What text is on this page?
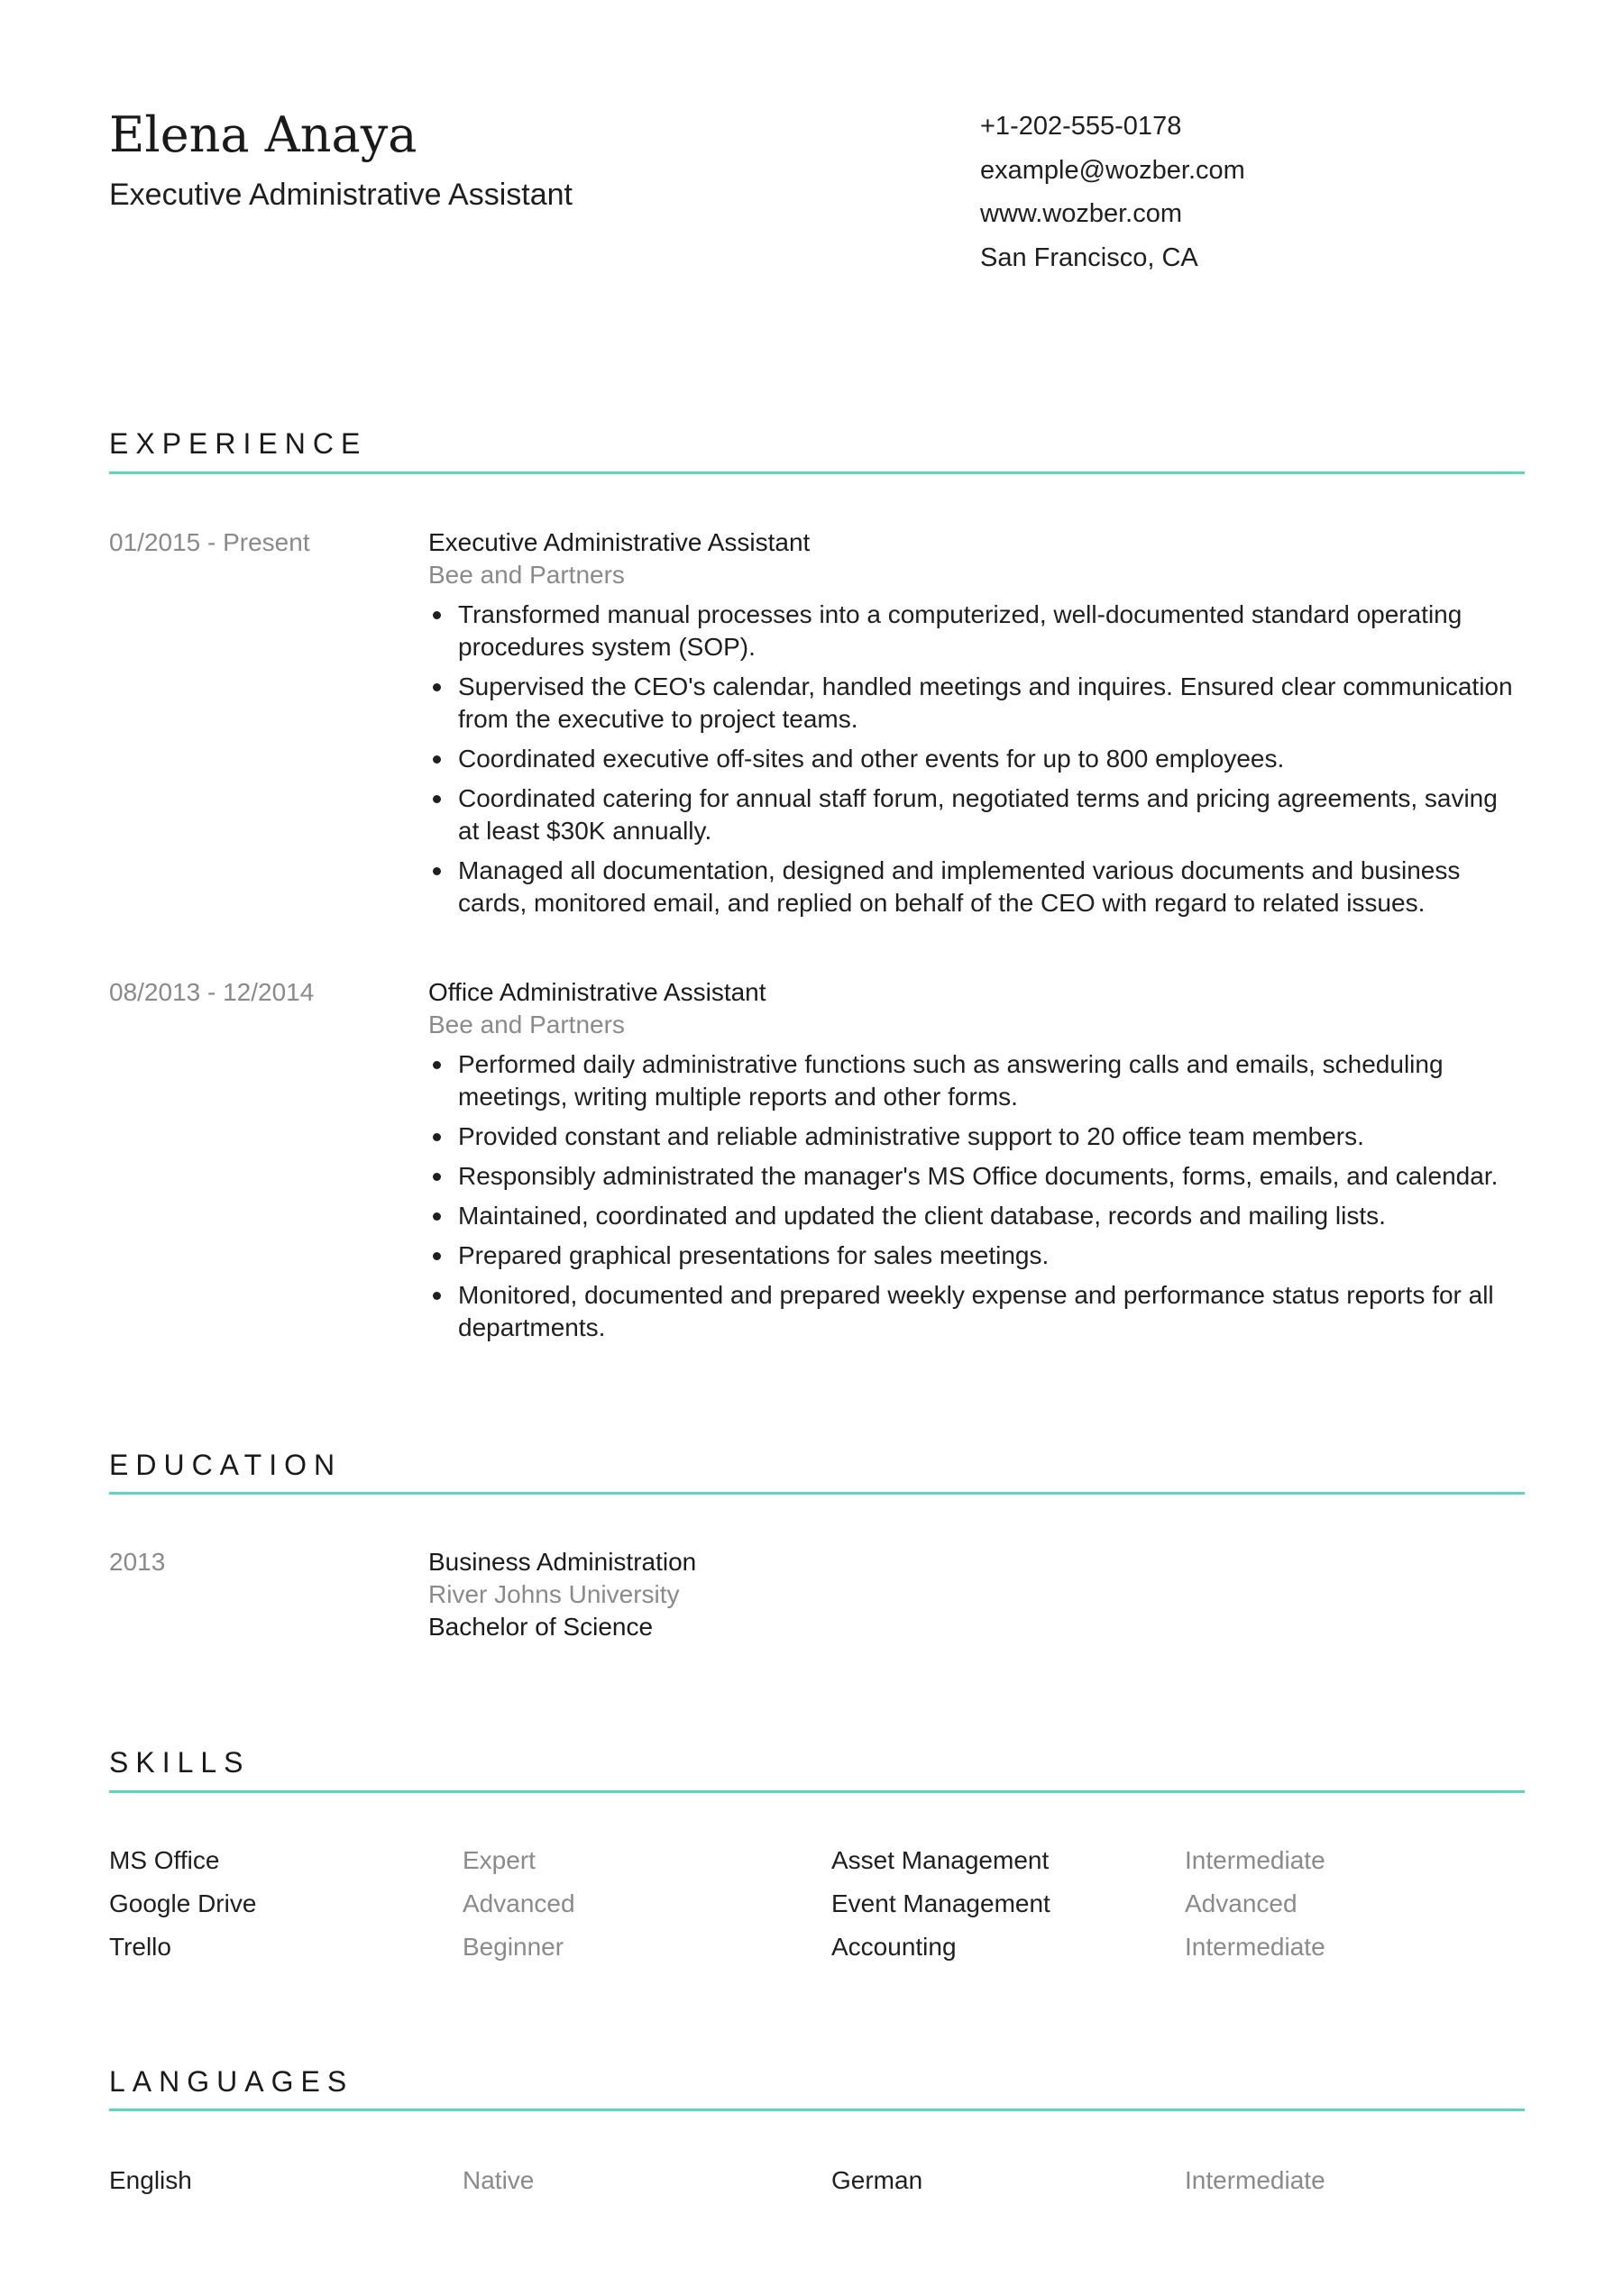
Elena Anaya
Executive Administrative Assistant
+1-202-555-0178
example@wozber.com
www.wozber.com
San Francisco, CA
EXPERIENCE
01/2015 - Present	Executive Administrative Assistant
Bee and Partners
Transformed manual processes into a computerized, well-documented standard operating procedures system (SOP).
Supervised the CEO's calendar, handled meetings and inquires. Ensured clear communication from the executive to project teams.
Coordinated executive off-sites and other events for up to 800 employees.
Coordinated catering for annual staff forum, negotiated terms and pricing agreements, saving at least $30K annually.
Managed all documentation, designed and implemented various documents and business cards, monitored email, and replied on behalf of the CEO with regard to related issues.
08/2013 - 12/2014	Office Administrative Assistant
Bee and Partners
Performed daily administrative functions such as answering calls and emails, scheduling meetings, writing multiple reports and other forms.
Provided constant and reliable administrative support to 20 office team members.
Responsibly administrated the manager's MS Office documents, forms, emails, and calendar.
Maintained, coordinated and updated the client database, records and mailing lists.
Prepared graphical presentations for sales meetings.
Monitored, documented and prepared weekly expense and performance status reports for all departments.
EDUCATION
2013	Business Administration
River Johns University
Bachelor of Science
SKILLS
MS Office	Expert	Asset Management	Intermediate
Google Drive	Advanced	Event Management	Advanced
Trello	Beginner	Accounting	Intermediate
LANGUAGES
English	Native	German	Intermediate
